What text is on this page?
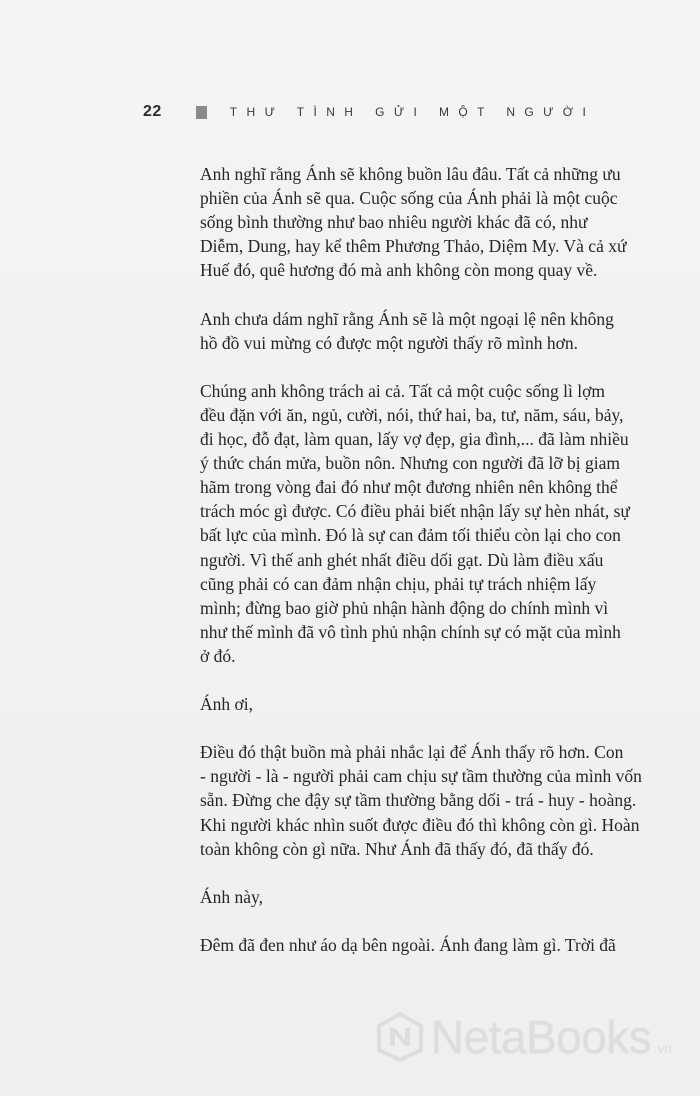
22	THƯ TÌNH GỬI MỘT NGƯỜI
Anh nghĩ rằng Ánh sẽ không buồn lâu đâu. Tất cả những ưu
phiền của Ánh sẽ qua. Cuộc sống của Ánh phải là một cuộc
sống bình thường như bao nhiêu người khác đã có, như
Diễm, Dung, hay kể thêm Phương Thảo, Diệm My. Và cả xứ
Huế đó, quê hương đó mà anh không còn mong quay về.
Anh chưa dám nghĩ rằng Ánh sẽ là một ngoại lệ nên không
hồ đồ vui mừng có được một người thấy rõ mình hơn.
Chúng anh không trách ai cả. Tất cả một cuộc sống lì lợm
đều đặn với ăn, ngủ, cười, nói, thứ hai, ba, tư, năm, sáu, bảy,
đi học, đỗ đạt, làm quan, lấy vợ đẹp, gia đình,... đã làm nhiều
ý thức chán mửa, buồn nôn. Nhưng con người đã lỡ bị giam
hãm trong vòng đai đó như một đương nhiên nên không thể
trách móc gì được. Có điều phải biết nhận lấy sự hèn nhát, sự
bất lực của mình. Đó là sự can đảm tối thiểu còn lại cho con
người. Vì thế anh ghét nhất điều dối gạt. Dù làm điều xấu
cũng phải có can đảm nhận chịu, phải tự trách nhiệm lấy
mình; đừng bao giờ phủ nhận hành động do chính mình vì
như thế mình đã vô tình phủ nhận chính sự có mặt của mình
ở đó.
Ánh ơi,
Điều đó thật buồn mà phải nhắc lại để Ánh thấy rõ hơn. Con
- người - là - người phải cam chịu sự tầm thường của mình vốn
sẵn. Đừng che đậy sự tầm thường bằng dối - trá - huy - hoàng.
Khi người khác nhìn suốt được điều đó thì không còn gì. Hoàn
toàn không còn gì nữa. Như Ánh đã thấy đó, đã thấy đó.
Ánh này,
Đêm đã đen như áo dạ bên ngoài. Ánh đang làm gì. Trời đã
NetaBooks .vn
